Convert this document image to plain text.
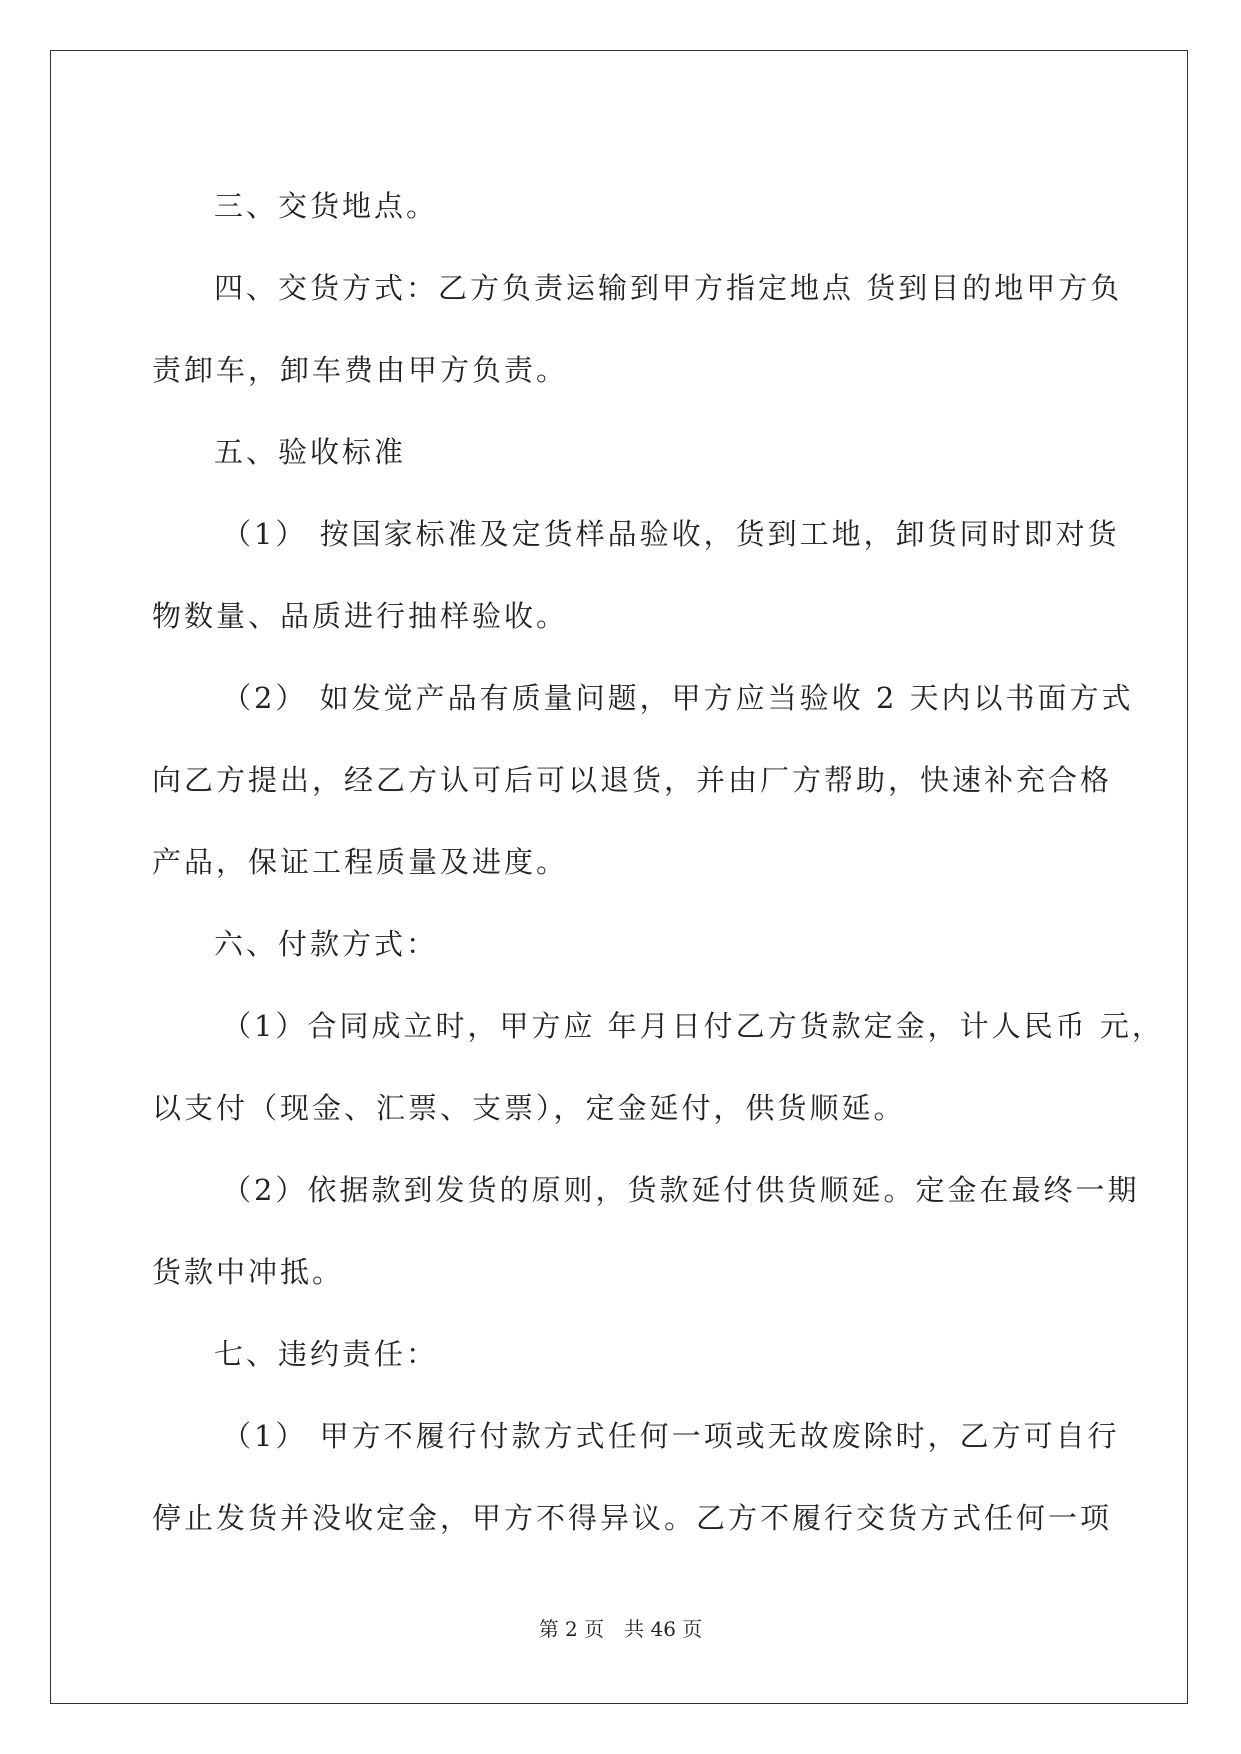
三、交货地点。

四、交货方式：乙方负责运输到甲方指定地点 货到目的地甲方负

责卸车，卸车费由甲方负责。

五、验收标准

（1） 按国家标准及定货样品验收，货到工地，卸货同时即对货

物数量、品质进行抽样验收。

（2） 如发觉产品有质量问题，甲方应当验收 2 天内以书面方式

向乙方提出，经乙方认可后可以退货，并由厂方帮助，快速补充合格

产品，保证工程质量及进度。

六、付款方式：

（1）合同成立时，甲方应 年月日付乙方货款定金，计人民币 元，

以支付（现金、汇票、支票），定金延付，供货顺延。

（2）依据款到发货的原则，货款延付供货顺延。定金在最终一期

货款中冲抵。

七、违约责任：

（1） 甲方不履行付款方式任何一项或无故废除时，乙方可自行

停止发货并没收定金，甲方不得异议。乙方不履行交货方式任何一项

第 2 页　共 46 页
